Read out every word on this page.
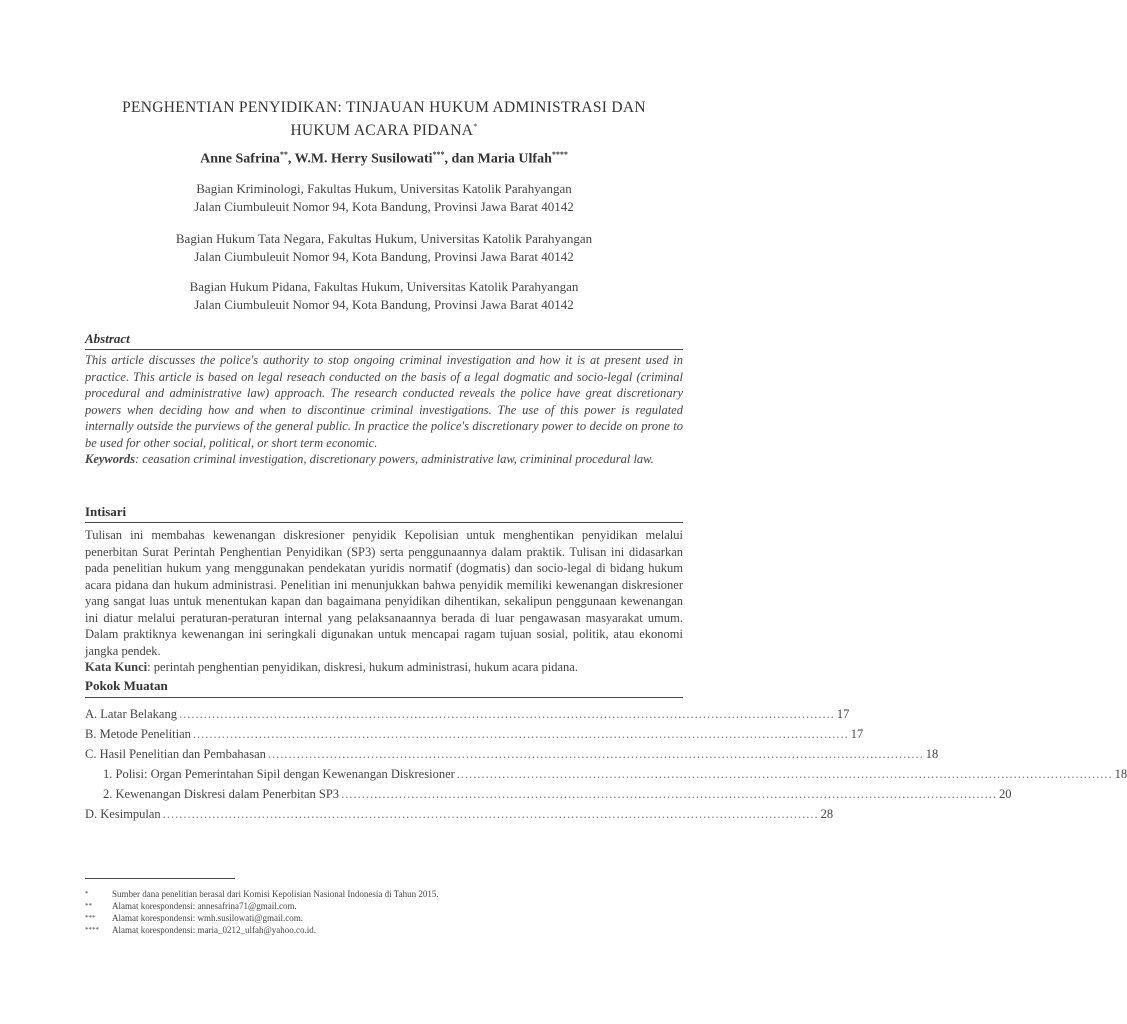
PENGHENTIAN PENYIDIKAN: TINJAUAN HUKUM ADMINISTRASI DAN
HUKUM ACARA PIDANA*
Anne Safrina**, W.M. Herry Susilowati***, dan Maria Ulfah****
Bagian Kriminologi, Fakultas Hukum, Universitas Katolik Parahyangan
Jalan Ciumbuleuit Nomor 94, Kota Bandung, Provinsi Jawa Barat 40142
Bagian Hukum Tata Negara, Fakultas Hukum, Universitas Katolik Parahyangan
Jalan Ciumbuleuit Nomor 94, Kota Bandung, Provinsi Jawa Barat 40142
Bagian Hukum Pidana, Fakultas Hukum, Universitas Katolik Parahyangan
Jalan Ciumbuleuit Nomor 94, Kota Bandung, Provinsi Jawa Barat 40142
Abstract
This article discusses the police's authority to stop ongoing criminal investigation and how it is at present used in practice. This article is based on legal reseach conducted on the basis of a legal dogmatic and socio-legal (criminal procedural and administrative law) approach. The research conducted reveals the police have great discretionary powers when deciding how and when to discontinue criminal investigations. The use of this power is regulated internally outside the purviews of the general public. In practice the police's discretionary power to decide on prone to be used for other social, political, or short term economic.
Keywords: ceasation criminal investigation, discretionary powers, administrative law, crimininal procedural law.
Intisari
Tulisan ini membahas kewenangan diskresioner penyidik Kepolisian untuk menghentikan penyidikan melalui penerbitan Surat Perintah Penghentian Penyidikan (SP3) serta penggunaannya dalam praktik. Tulisan ini didasarkan pada penelitian hukum yang menggunakan pendekatan yuridis normatif (dogmatis) dan socio-legal di bidang hukum acara pidana dan hukum administrasi. Penelitian ini menunjukkan bahwa penyidik memiliki kewenangan diskresioner yang sangat luas untuk menentukan kapan dan bagaimana penyidikan dihentikan, sekalipun penggunaan kewenangan ini diatur melalui peraturan-peraturan internal yang pelaksanaannya berada di luar pengawasan masyarakat umum. Dalam praktiknya kewenangan ini seringkali digunakan untuk mencapai ragam tujuan sosial, politik, atau ekonomi jangka pendek.
Kata Kunci: perintah penghentian penyidikan, diskresi, hukum administrasi, hukum acara pidana.
Pokok Muatan
A. Latar Belakang ............................................................................................................................................................... 17
B. Metode Penelitian ............................................................................................................................................................... 17
C. Hasil Penelitian dan Pembahasan ............................................................................................................................................................... 18
1. Polisi: Organ Pemerintahan Sipil dengan Kewenangan Diskresioner ............................................................................................................................................................... 18
2. Kewenangan Diskresi dalam Penerbitan SP3 ............................................................................................................................................................... 20
D. Kesimpulan ............................................................................................................................................................... 28
*	Sumber dana penelitian berasal dari Komisi Kepolisian Nasional Indonesia di Tahun 2015.
**	Alamat korespondensi: annesafrina71@gmail.com.
***	Alamat korespondensi: wmh.susilowati@gmail.com.
****	Alamat korespondensi: maria_0212_ulfah@yahoo.co.id.
